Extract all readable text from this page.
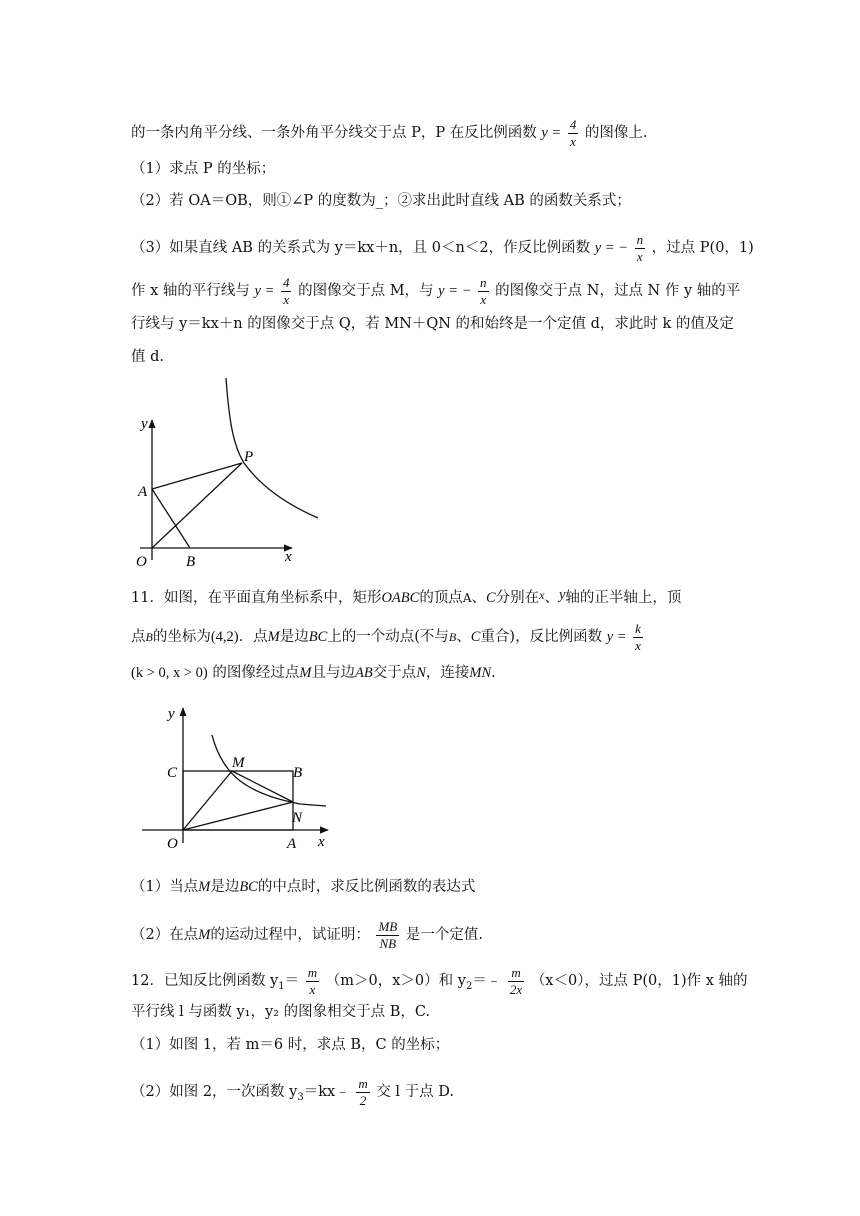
的一条内角平分线、一条外角平分线交于点 P，P 在反比例函数 $y = \frac{4}{x}$ 的图像上.
（1）求点 P 的坐标；
（2）若 OA＝OB，则①∠P 的度数为_；②求出此时直线 AB 的函数关系式；
（3）如果直线 AB 的关系式为 y＝kx＋n，且 0＜n＜2，作反比例函数 y = − $\frac{n}{x}$ ，过点 P(0，1)
作 x 轴的平行线与 $y = \frac{4}{x}$ 的图像交于点 M，与 y = − $\frac{n}{x}$ 的图像交于点 N，过点 N 作 y 轴的平
行线与 y＝kx＋n 的图像交于点 Q，若 MN＋QN 的和始终是一个定值 d，求此时 k 的值及定
值 d.
y
x
O
A
B
P
11．如图，在平面直角坐标系中，矩形OABC的顶点A、C分别在$^x$、y轴的正半轴上，顶
点B的坐标为(4,2)．点M是边BC上的一个动点(不与B、C重合)，反比例函数 $y = \frac{k}{x}$
(k > 0, x > 0) 的图像经过点M且与边AB交于点N，连接MN.
y
x
O
C
M
B
N
A
（1）当点M是边BC的中点时，求反比例函数的表达式
（2）在点M的运动过程中，试证明： $\frac{MB}{NB}$ 是一个定值.
12．已知反比例函数 $y_1= \frac{m}{x} (m>0$，x＞0）和 $y_2=﹣ \frac{m}{2x} (x<0)$，过点 P(0，1)作 x 轴的
平行线 l 与函数 y₁，y₂ 的图象相交于点 B，C.
（1）如图 1，若 m＝6 时，求点 B，C 的坐标；
（2）如图 2，一次函数 $y_3=kx﹣ \frac{m}{2}$ 交 l 于点 D.
